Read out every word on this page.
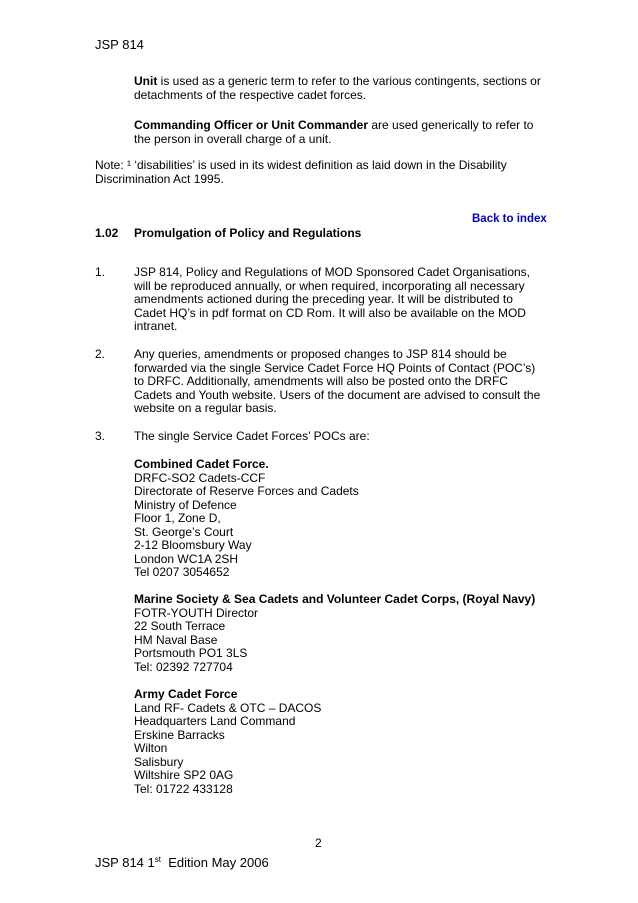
JSP 814
Unit is used as a generic term to refer to the various contingents, sections or
detachments of the respective cadet forces.
Commanding Officer or Unit Commander are used generically to refer to
the person in overall charge of a unit.
Note: ¹ ‘disabilities’ is used in its widest definition as laid down in the Disability
Discrimination Act 1995.
Back to index
1.02 Promulgation of Policy and Regulations
1. JSP 814, Policy and Regulations of MOD Sponsored Cadet Organisations,
will be reproduced annually, or when required, incorporating all necessary
amendments actioned during the preceding year. It will be distributed to
Cadet HQ’s in pdf format on CD Rom. It will also be available on the MOD
intranet.
2. Any queries, amendments or proposed changes to JSP 814 should be
forwarded via the single Service Cadet Force HQ Points of Contact (POC’s)
to DRFC. Additionally, amendments will also be posted onto the DRFC
Cadets and Youth website. Users of the document are advised to consult the
website on a regular basis.
3. The single Service Cadet Forces’ POCs are:
Combined Cadet Force.
DRFC-SO2 Cadets-CCF
Directorate of Reserve Forces and Cadets
Ministry of Defence
Floor 1, Zone D,
St. George’s Court
2-12 Bloomsbury Way
London WC1A 2SH
Tel 0207 3054652
Marine Society & Sea Cadets and Volunteer Cadet Corps, (Royal Navy)
FOTR-YOUTH Director
22 South Terrace
HM Naval Base
Portsmouth PO1 3LS
Tel: 02392 727704
Army Cadet Force
Land RF- Cadets & OTC – DACOS
Headquarters Land Command
Erskine Barracks
Wilton
Salisbury
Wiltshire SP2 0AG
Tel: 01722 433128
2
JSP 814 1st  Edition May 2006
